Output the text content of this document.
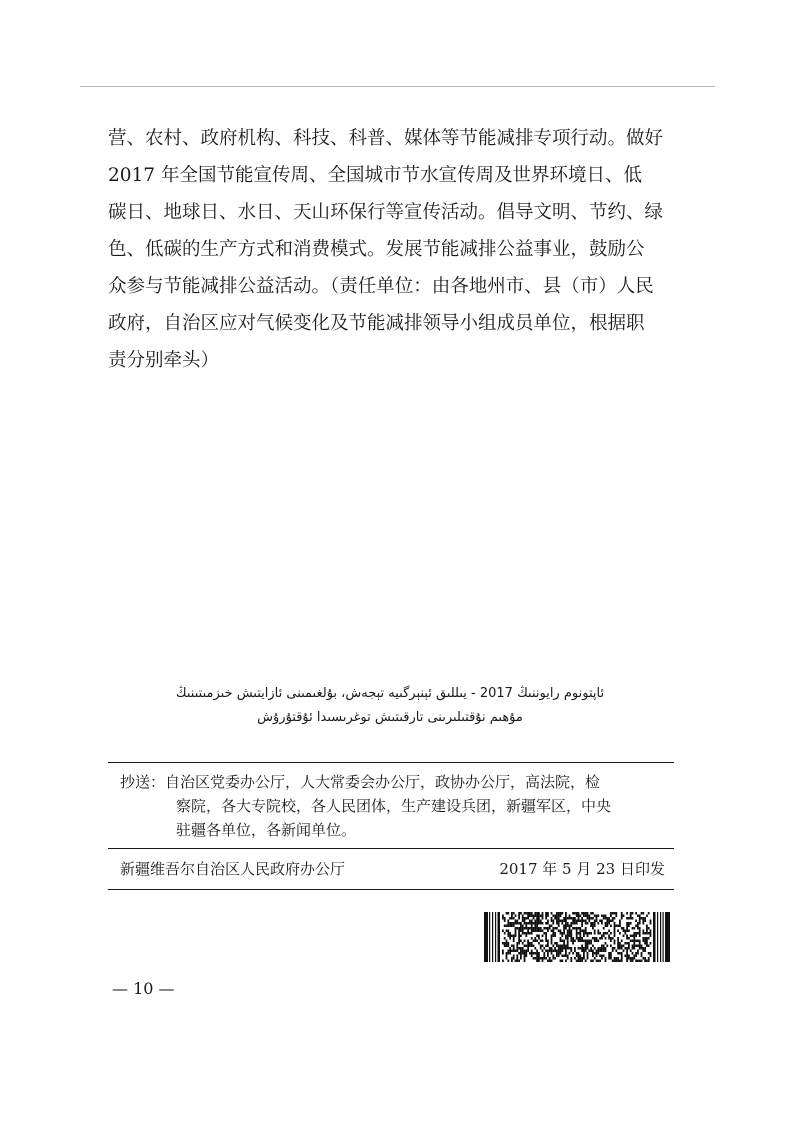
营、农村、政府机构、科技、科普、媒体等节能减排专项行动。做好
2017 年全国节能宣传周、全国城市节水宣传周及世界环境日、低
碳日、地球日、水日、天山环保行等宣传活动。倡导文明、节约、绿
色、低碳的生产方式和消费模式。发展节能减排公益事业，鼓励公
众参与节能减排公益活动。（责任单位：由各地州市、县（市）人民
政府，自治区应对气候变化及节能减排领导小组成员单位，根据职
责分别牵头）
ئاپتونوم رايوننىڭ 2017 - يىللىق ئېنېرگىيە تېجەش، بۇلغىمىنى ئازايتىش خىزمىتىنىڭ
مۇھىم نۇقتىلىرىنى تارقىتىش توغرىسىدا ئۇقتۇرۇش
抄送：自治区党委办公厅，人大常委会办公厅，政协办公厅，高法院，检
察院，各大专院校，各人民团体，生产建设兵团，新疆军区，中央
驻疆各单位，各新闻单位。
新疆维吾尔自治区人民政府办公厅	2017 年 5 月 23 日印发
— 10 —
